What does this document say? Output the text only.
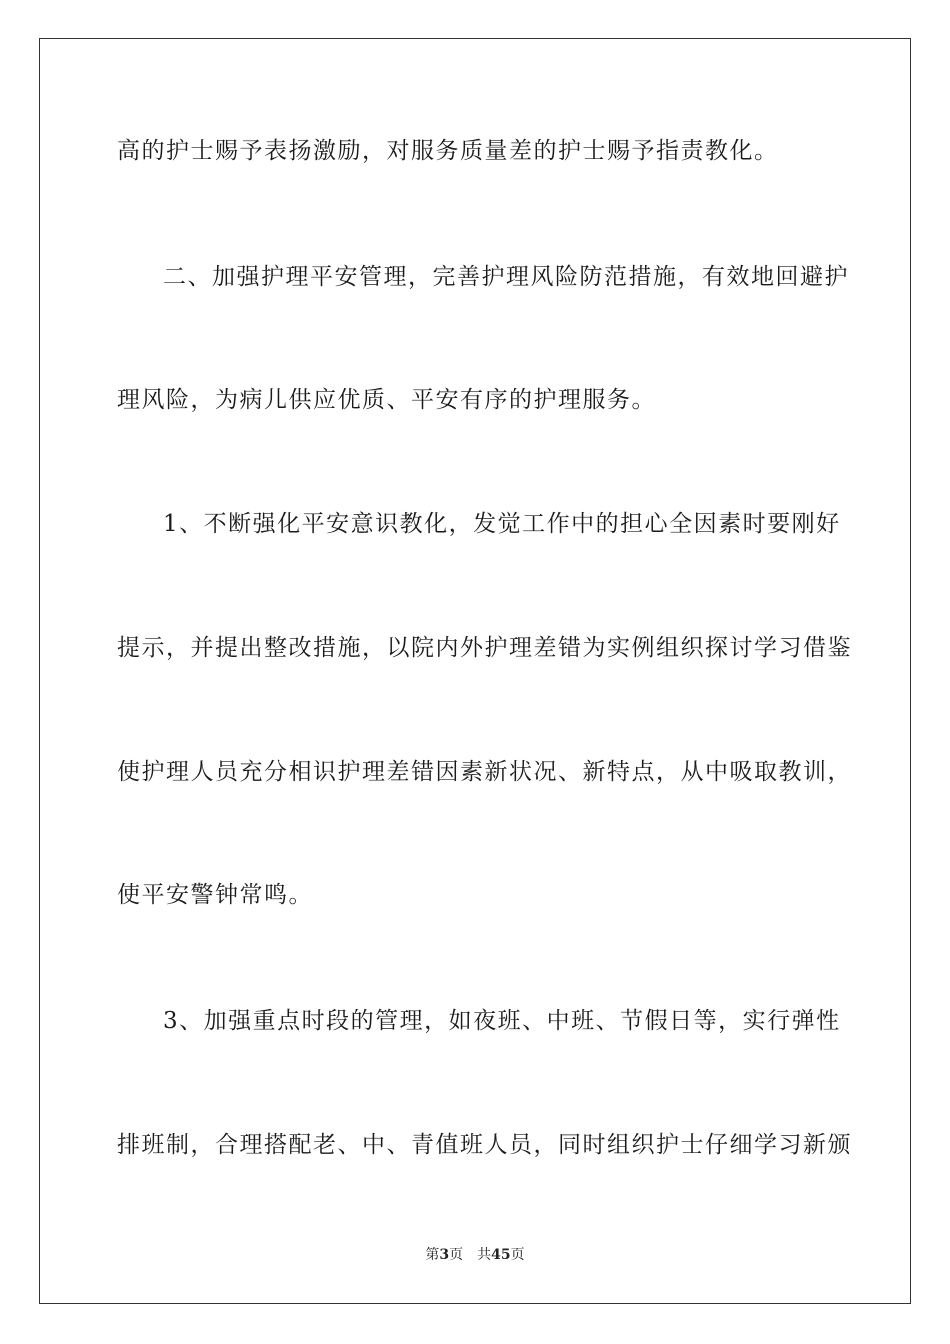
高的护士赐予表扬激励，对服务质量差的护士赐予指责教化。
二、加强护理平安管理，完善护理风险防范措施，有效地回避护
理风险，为病儿供应优质、平安有序的护理服务。
1、不断强化平安意识教化，发觉工作中的担心全因素时要刚好
提示，并提出整改措施，以院内外护理差错为实例组织探讨学习借鉴
使护理人员充分相识护理差错因素新状况、新特点，从中吸取教训，
使平安警钟常鸣。
3、加强重点时段的管理，如夜班、中班、节假日等，实行弹性
排班制，合理搭配老、中、青值班人员，同时组织护士仔细学习新颁
第3页 共45页
